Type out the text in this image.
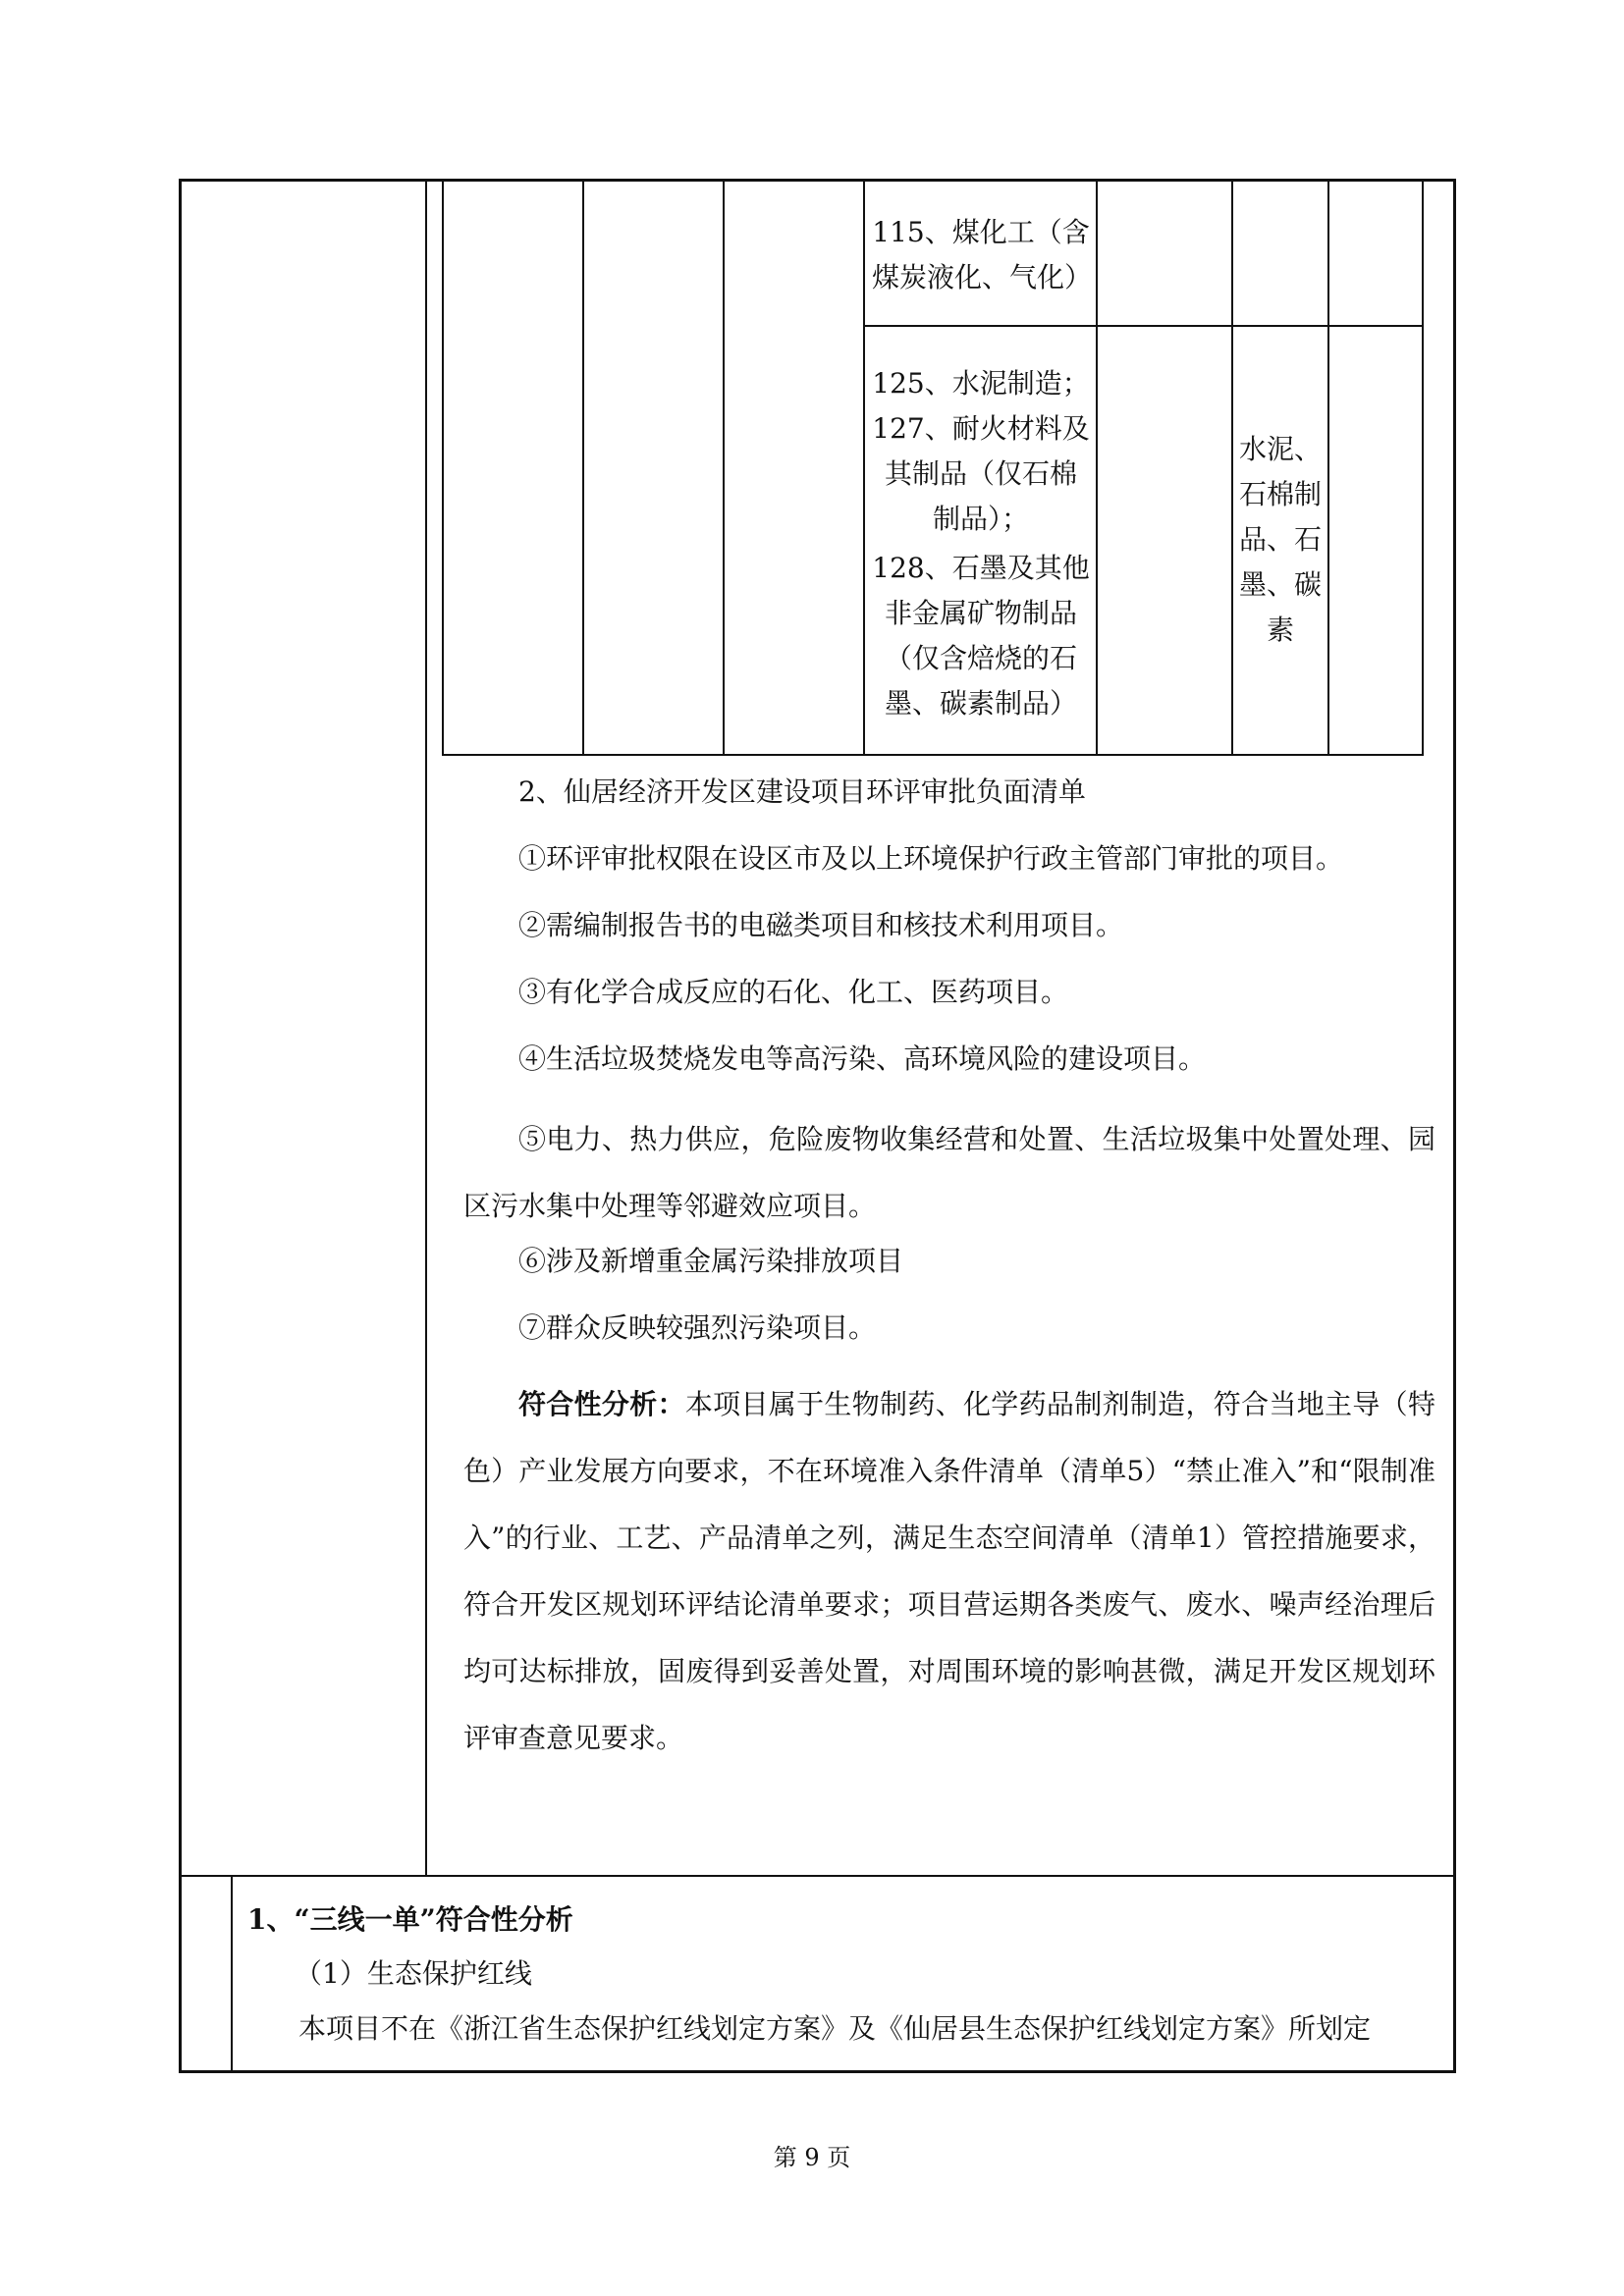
115、煤化工（含煤炭液化、气化）
125、水泥制造；127、耐火材料及其制品（仅石棉制品）；
128、石墨及其他非金属矿物制品（仅含焙烧的石墨、碳素制品）
水泥、石棉制品、石墨、碳素
2、仙居经济开发区建设项目环评审批负面清单
①环评审批权限在设区市及以上环境保护行政主管部门审批的项目。
②需编制报告书的电磁类项目和核技术利用项目。
③有化学合成反应的石化、化工、医药项目。
④生活垃圾焚烧发电等高污染、高环境风险的建设项目。
⑤电力、热力供应，危险废物收集经营和处置、生活垃圾集中处置处理、园区污水集中处理等邻避效应项目。
⑥涉及新增重金属污染排放项目
⑦群众反映较强烈污染项目。
符合性分析：本项目属于生物制药、化学药品制剂制造，符合当地主导（特色）产业发展方向要求，不在环境准入条件清单（清单5）“禁止准入”和“限制准入”的行业、工艺、产品清单之列，满足生态空间清单（清单1）管控措施要求，符合开发区规划环评结论清单要求；项目营运期各类废气、废水、噪声经治理后均可达标排放，固废得到妥善处置，对周围环境的影响甚微，满足开发区规划环评审查意见要求。
1、“三线一单”符合性分析
（1）生态保护红线
本项目不在《浙江省生态保护红线划定方案》及《仙居县生态保护红线划定方案》所划定
第 9 页
